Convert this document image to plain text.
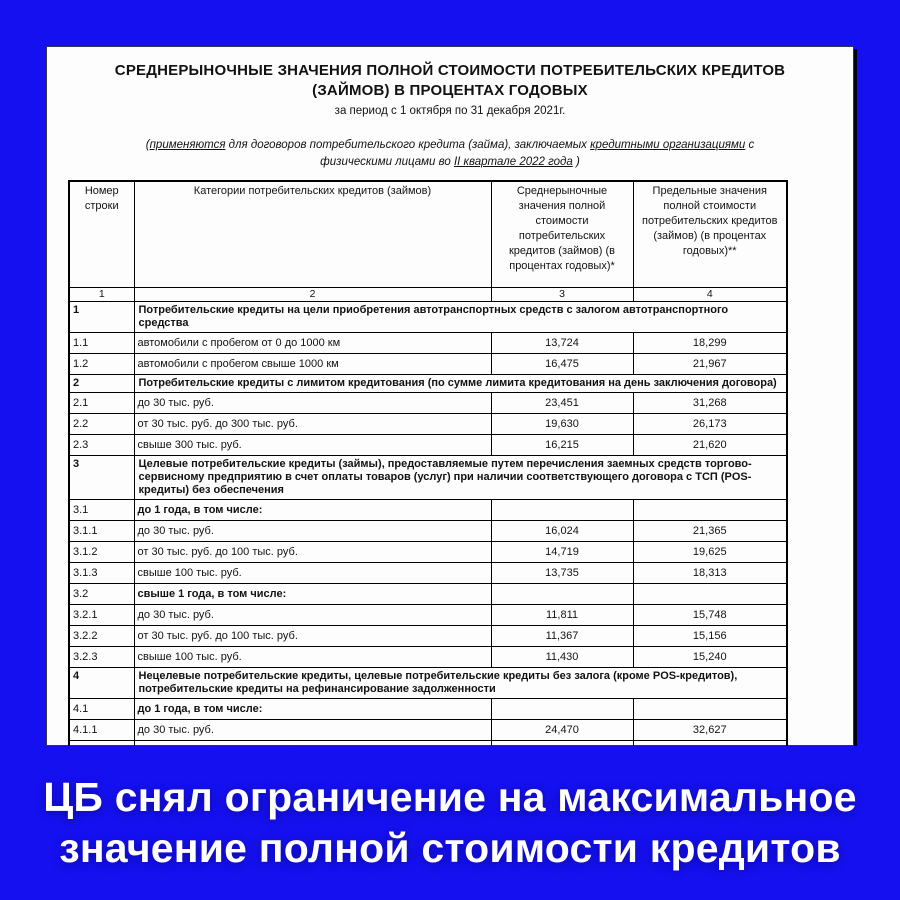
СРЕДНЕРЫНОЧНЫЕ ЗНАЧЕНИЯ ПОЛНОЙ СТОИМОСТИ ПОТРЕБИТЕЛЬСКИХ КРЕДИТОВ
(ЗАЙМОВ) В ПРОЦЕНТАХ ГОДОВЫХ
за период с 1 октября по 31 декабря 2021г.
(применяются для договоров потребительского кредита (займа), заключаемых кредитными организациями с физическими лицами во II квартале 2022 года )
Номер строки	Категории потребительских кредитов (займов)	Среднерыночные значения полной стоимости потребительских кредитов (займов) (в процентах годовых)*	Предельные значения полной стоимости потребительских кредитов (займов) (в процентах годовых)**
1	2	3	4
1	Потребительские кредиты на цели приобретения автотранспортных средств с залогом автотранспортного средства		
1.1	автомобили с пробегом от 0 до 1000 км	13,724	18,299
1.2	автомобили с пробегом свыше 1000 км	16,475	21,967
2	Потребительские кредиты с лимитом кредитования (по сумме лимита кредитования на день заключения договора)		
2.1	до 30 тыс. руб.	23,451	31,268
2.2	от 30 тыс. руб. до 300 тыс. руб.	19,630	26,173
2.3	свыше 300 тыс. руб.	16,215	21,620
3	Целевые потребительские кредиты (займы), предоставляемые путем перечисления заемных средств торгово-сервисному предприятию в счет оплаты товаров (услуг) при наличии соответствующего договора с ТСП (POS-кредиты) без обеспечения		
3.1	до 1 года, в том числе:		
3.1.1	до 30 тыс. руб.	16,024	21,365
3.1.2	от 30 тыс. руб. до 100 тыс. руб.	14,719	19,625
3.1.3	свыше 100 тыс. руб.	13,735	18,313
3.2	свыше 1 года, в том числе:		
3.2.1	до 30 тыс. руб.	11,811	15,748
3.2.2	от 30 тыс. руб. до 100 тыс. руб.	11,367	15,156
3.2.3	свыше 100 тыс. руб.	11,430	15,240
4	Нецелевые потребительские кредиты, целевые потребительские кредиты без залога (кроме POS-кредитов), потребительские кредиты на рефинансирование задолженности		
4.1	до 1 года, в том числе:		
4.1.1	до 30 тыс. руб.	24,470	32,627

ЦБ снял ограничение на максимальное
значение полной стоимости кредитов
